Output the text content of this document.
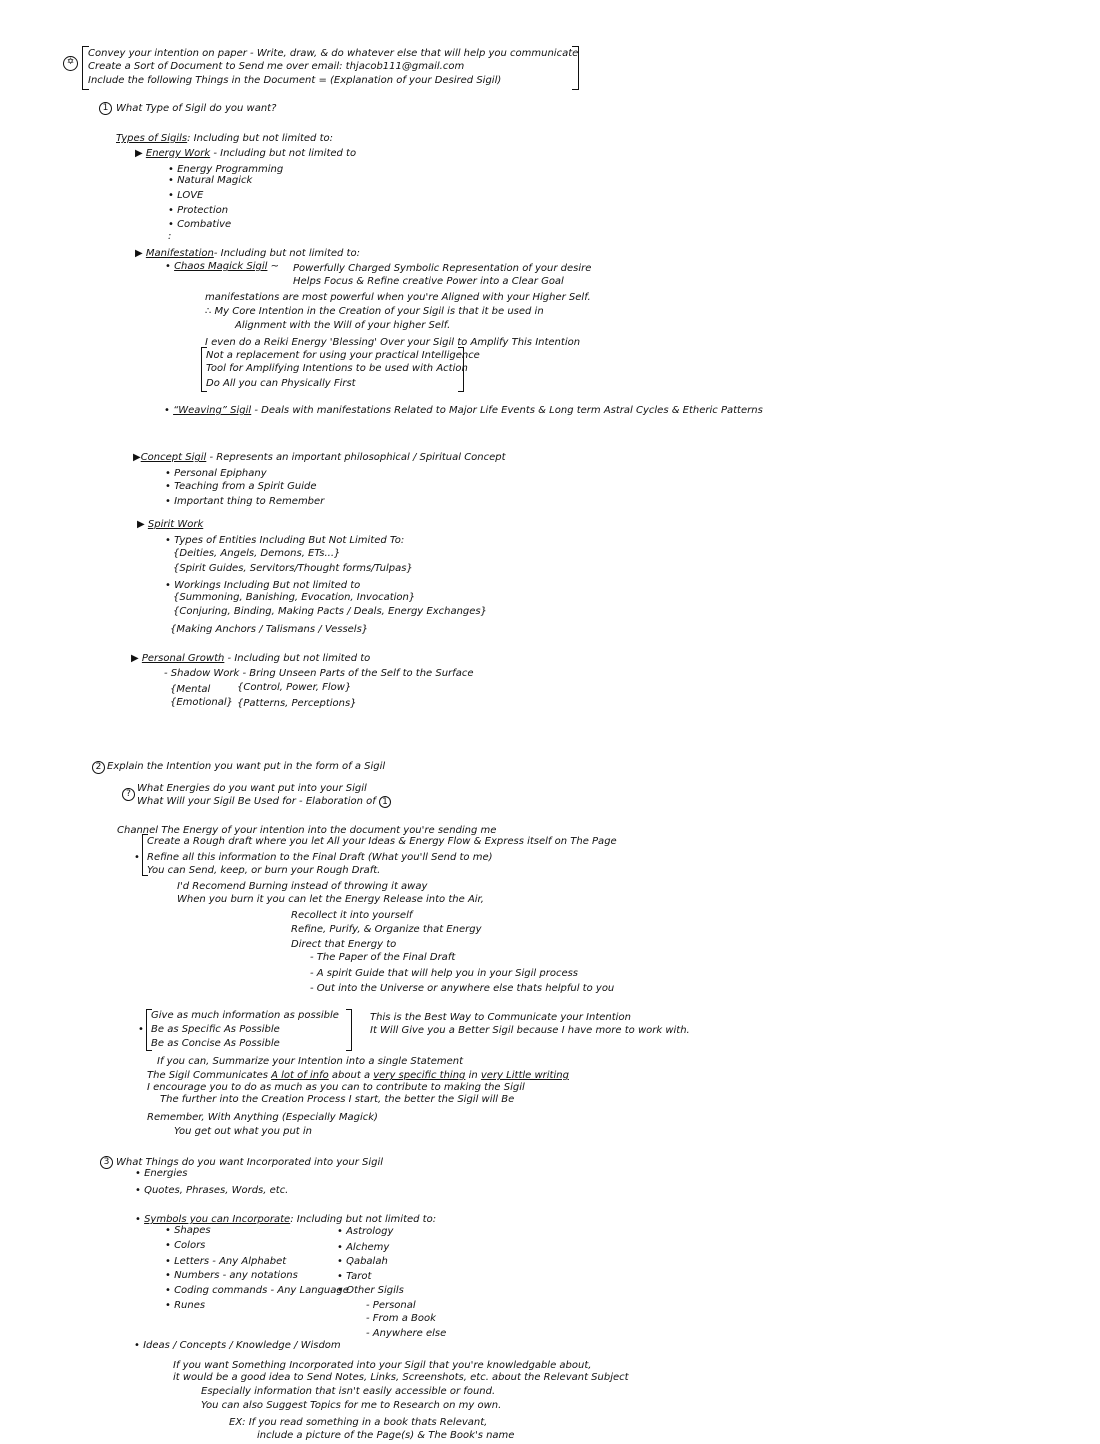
✡
Convey your intention on paper - Write, draw, & do whatever else that will help you communicate
Create a Sort of Document to Send me over email: thjacob111@gmail.com
Include the following Things in the Document = (Explanation of your Desired Sigil)
1 What Type of Sigil do you want?
Types of Sigils: Including but not limited to:
▶ Energy Work - Including but not limited to
• Energy Programming
• Natural Magick
• LOVE
• Protection
• Combative
:
▶ Manifestation- Including but not limited to:
• Chaos Magick Sigil ~ Powerfully Charged Symbolic Representation of your desire
Helps Focus & Refine creative Power into a Clear Goal
manifestations are most powerful when you're Aligned with your Higher Self.
∴ My Core Intention in the Creation of your Sigil is that it be used in
Alignment with the Will of your higher Self.
I even do a Reiki Energy 'Blessing' Over your Sigil to Amplify This Intention
Not a replacement for using your practical Intelligence
Tool for Amplifying Intentions to be used with Action
Do All you can Physically First
• “Weaving” Sigil - Deals with manifestations Related to Major Life Events & Long term Astral Cycles & Etheric Patterns
▶Concept Sigil - Represents an important philosophical / Spiritual Concept
• Personal Epiphany
• Teaching from a Spirit Guide
• Important thing to Remember
▶ Spirit Work
• Types of Entities Including But Not Limited To:
{Deities, Angels, Demons, ETs...}
{Spirit Guides, Servitors/Thought forms/Tulpas}
• Workings Including But not limited to
{Summoning, Banishing, Evocation, Invocation}
{Conjuring, Binding, Making Pacts / Deals, Energy Exchanges}
{Making Anchors / Talismans / Vessels}
▶ Personal Growth - Including but not limited to
- Shadow Work - Bring Unseen Parts of the Self to the Surface
{Mental
{Emotional}
{Control, Power, Flow}
{Patterns, Perceptions}
2 Explain the Intention you want put in the form of a Sigil
? What Energies do you want put into your Sigil
What Will your Sigil Be Used for - Elaboration of 1
Channel The Energy of your intention into the document you're sending me
•
Create a Rough draft where you let All your Ideas & Energy Flow & Express itself on The Page
Refine all this information to the Final Draft (What you'll Send to me)
You can Send, keep, or burn your Rough Draft.
I'd Recomend Burning instead of throwing it away
When you burn it you can let the Energy Release into the Air,
Recollect it into yourself
Refine, Purify, & Organize that Energy
Direct that Energy to
- The Paper of the Final Draft
- A spirit Guide that will help you in your Sigil process
- Out into the Universe or anywhere else thats helpful to you
•
Give as much information as possible
Be as Specific As Possible
Be as Concise As Possible
This is the Best Way to Communicate your Intention
It Will Give you a Better Sigil because I have more to work with.
If you can, Summarize your Intention into a single Statement
The Sigil Communicates A lot of info about a very specific thing in very Little writing
I encourage you to do as much as you can to contribute to making the Sigil
The further into the Creation Process I start, the better the Sigil will Be
Remember, With Anything (Especially Magick)
You get out what you put in
3 What Things do you want Incorporated into your Sigil
• Energies
• Quotes, Phrases, Words, etc.
• Symbols you can Incorporate: Including but not limited to:
• Shapes
• Colors
• Letters - Any Alphabet
• Numbers - any notations
• Coding commands - Any Language
• Runes
• Astrology
• Alchemy
• Qabalah
• Tarot
• Other Sigils
- Personal
- From a Book
- Anywhere else
• Ideas / Concepts / Knowledge / Wisdom
If you want Something Incorporated into your Sigil that you're knowledgable about,
it would be a good idea to Send Notes, Links, Screenshots, etc. about the Relevant Subject
Especially information that isn't easily accessible or found.
You can also Suggest Topics for me to Research on my own.
EX: If you read something in a book thats Relevant,
include a picture of the Page(s) & The Book's name
